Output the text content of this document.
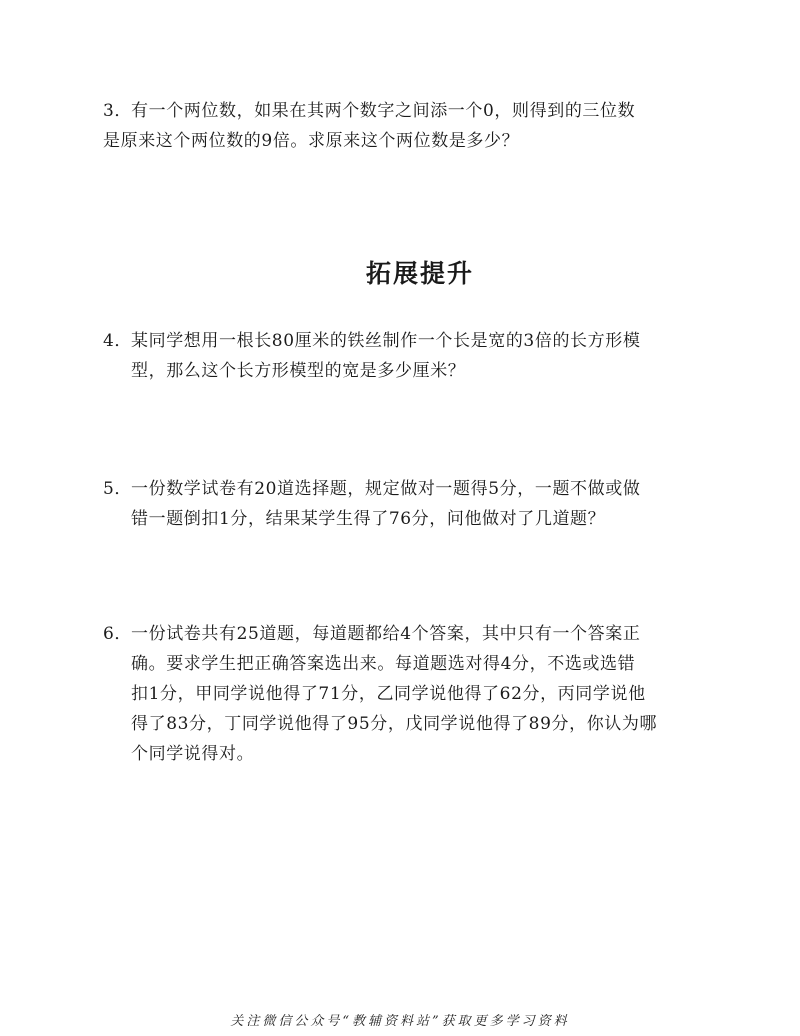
3．有一个两位数，如果在其两个数字之间添一个0，则得到的三位数
是原来这个两位数的9倍。求原来这个两位数是多少？
拓展提升
4．某同学想用一根长80厘米的铁丝制作一个长是宽的3倍的长方形模
型，那么这个长方形模型的宽是多少厘米？
5．一份数学试卷有20道选择题，规定做对一题得5分，一题不做或做
错一题倒扣1分，结果某学生得了76分，问他做对了几道题？
6．一份试卷共有25道题，每道题都给4个答案，其中只有一个答案正
确。要求学生把正确答案选出来。每道题选对得4分，不选或选错
扣1分，甲同学说他得了71分，乙同学说他得了62分，丙同学说他
得了83分，丁同学说他得了95分，戊同学说他得了89分，你认为哪
个同学说得对。
关注微信公众号“教辅资料站”获取更多学习资料
